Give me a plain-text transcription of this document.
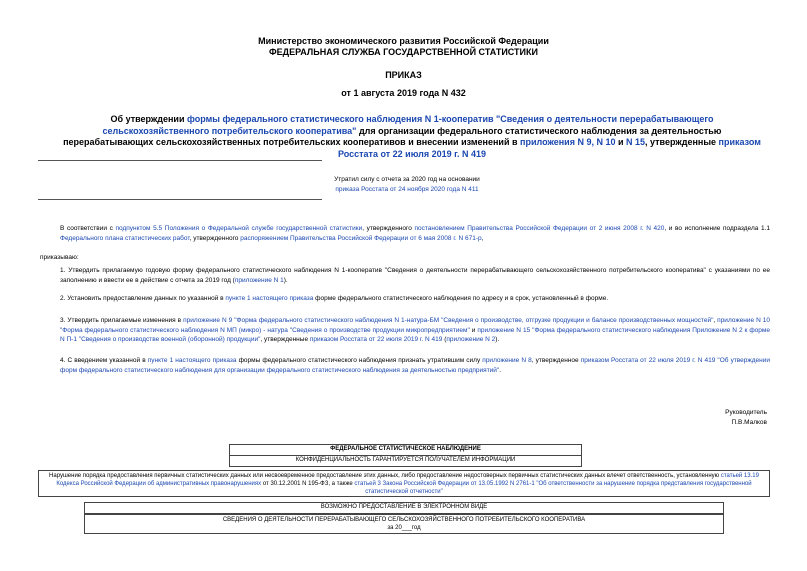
Министерство экономического развития Российской Федерации
ФЕДЕРАЛЬНАЯ СЛУЖБА ГОСУДАРСТВЕННОЙ СТАТИСТИКИ
ПРИКАЗ
от 1 августа 2019 года N 432
Об утверждении формы федерального статистического наблюдения N 1-кооператив "Сведения о деятельности перерабатывающего сельскохозяйственного потребительского кооператива" для организации федерального статистического наблюдения за деятельностью перерабатывающих сельскохозяйственных потребительских кооперативов и внесении изменений в приложения N 9, N 10 и N 15, утвержденные приказом Росстата от 22 июля 2019 г. N 419
Утратил силу с отчета за 2020 год на основании
приказа Росстата от 24 ноября 2020 года N 411
В соответствии с подпунктом 5.5 Положения о Федеральной службе государственной статистики, утвержденного постановлением Правительства Российской Федерации от 2 июня 2008 г. N 420, и во исполнение подраздела 1.1 Федерального плана статистических работ, утвержденного распоряжением Правительства Российской Федерации от 6 мая 2008 г. N 671-р,
приказываю:
1. Утвердить прилагаемую годовую форму федерального статистического наблюдения N 1-кооператив "Сведения о деятельности перерабатывающего сельскохозяйственного потребительского кооператива" с указаниями по ее заполнению и ввести ее в действие с отчета за 2019 год (приложение N 1).
2. Установить предоставление данных по указанной в пункте 1 настоящего приказа форме федерального статистического наблюдения по адресу и в срок, установленный в форме.
3. Утвердить прилагаемые изменения в приложение N 9 "Форма федерального статистического наблюдения N 1-натура-БМ "Сведения о производстве, отгрузке продукции и балансе производственных мощностей", приложение N 10 "Форма федерального статистического наблюдения N МП (микро) - натура "Сведения о производстве продукции микропредприятием" и приложение N 15 "Форма федерального статистического наблюдения Приложение N 2 к форме N П-1 "Сведения о производстве военной (оборонной) продукции", утвержденные приказом Росстата от 22 июля 2019 г. N 419 (приложение N 2).
4. С введением указанной в пункте 1 настоящего приказа формы федерального статистического наблюдения признать утратившим силу приложение N 8, утвержденное приказом Росстата от 22 июля 2019 г. N 419 "Об утверждении форм федерального статистического наблюдения для организации федерального статистического наблюдения за деятельностью предприятий".
Руководитель
П.В.Малков
ФЕДЕРАЛЬНОЕ СТАТИСТИЧЕСКОЕ НАБЛЮДЕНИЕ
КОНФИДЕНЦИАЛЬНОСТЬ ГАРАНТИРУЕТСЯ ПОЛУЧАТЕЛЕМ ИНФОРМАЦИИ
Нарушение порядка предоставления первичных статистических данных или несвоевременное предоставление этих данных, либо предоставление недостоверных первичных статистических данных влечет ответственность, установленную статьей 13.19 Кодекса Российской Федерации об административных правонарушениях от 30.12.2001 N 195-ФЗ, а также статьей 3 Закона Российской Федерации от 13.05.1992 N 2761-1 "Об ответственности за нарушение порядка представления государственной статистической отчетности"
ВОЗМОЖНО ПРЕДОСТАВЛЕНИЕ В ЭЛЕКТРОННОМ ВИДЕ
СВЕДЕНИЯ О ДЕЯТЕЛЬНОСТИ ПЕРЕРАБАТЫВАЮЩЕГО СЕЛЬСКОХОЗЯЙСТВЕННОГО ПОТРЕБИТЕЛЬСКОГО КООПЕРАТИВА
за 20___год
